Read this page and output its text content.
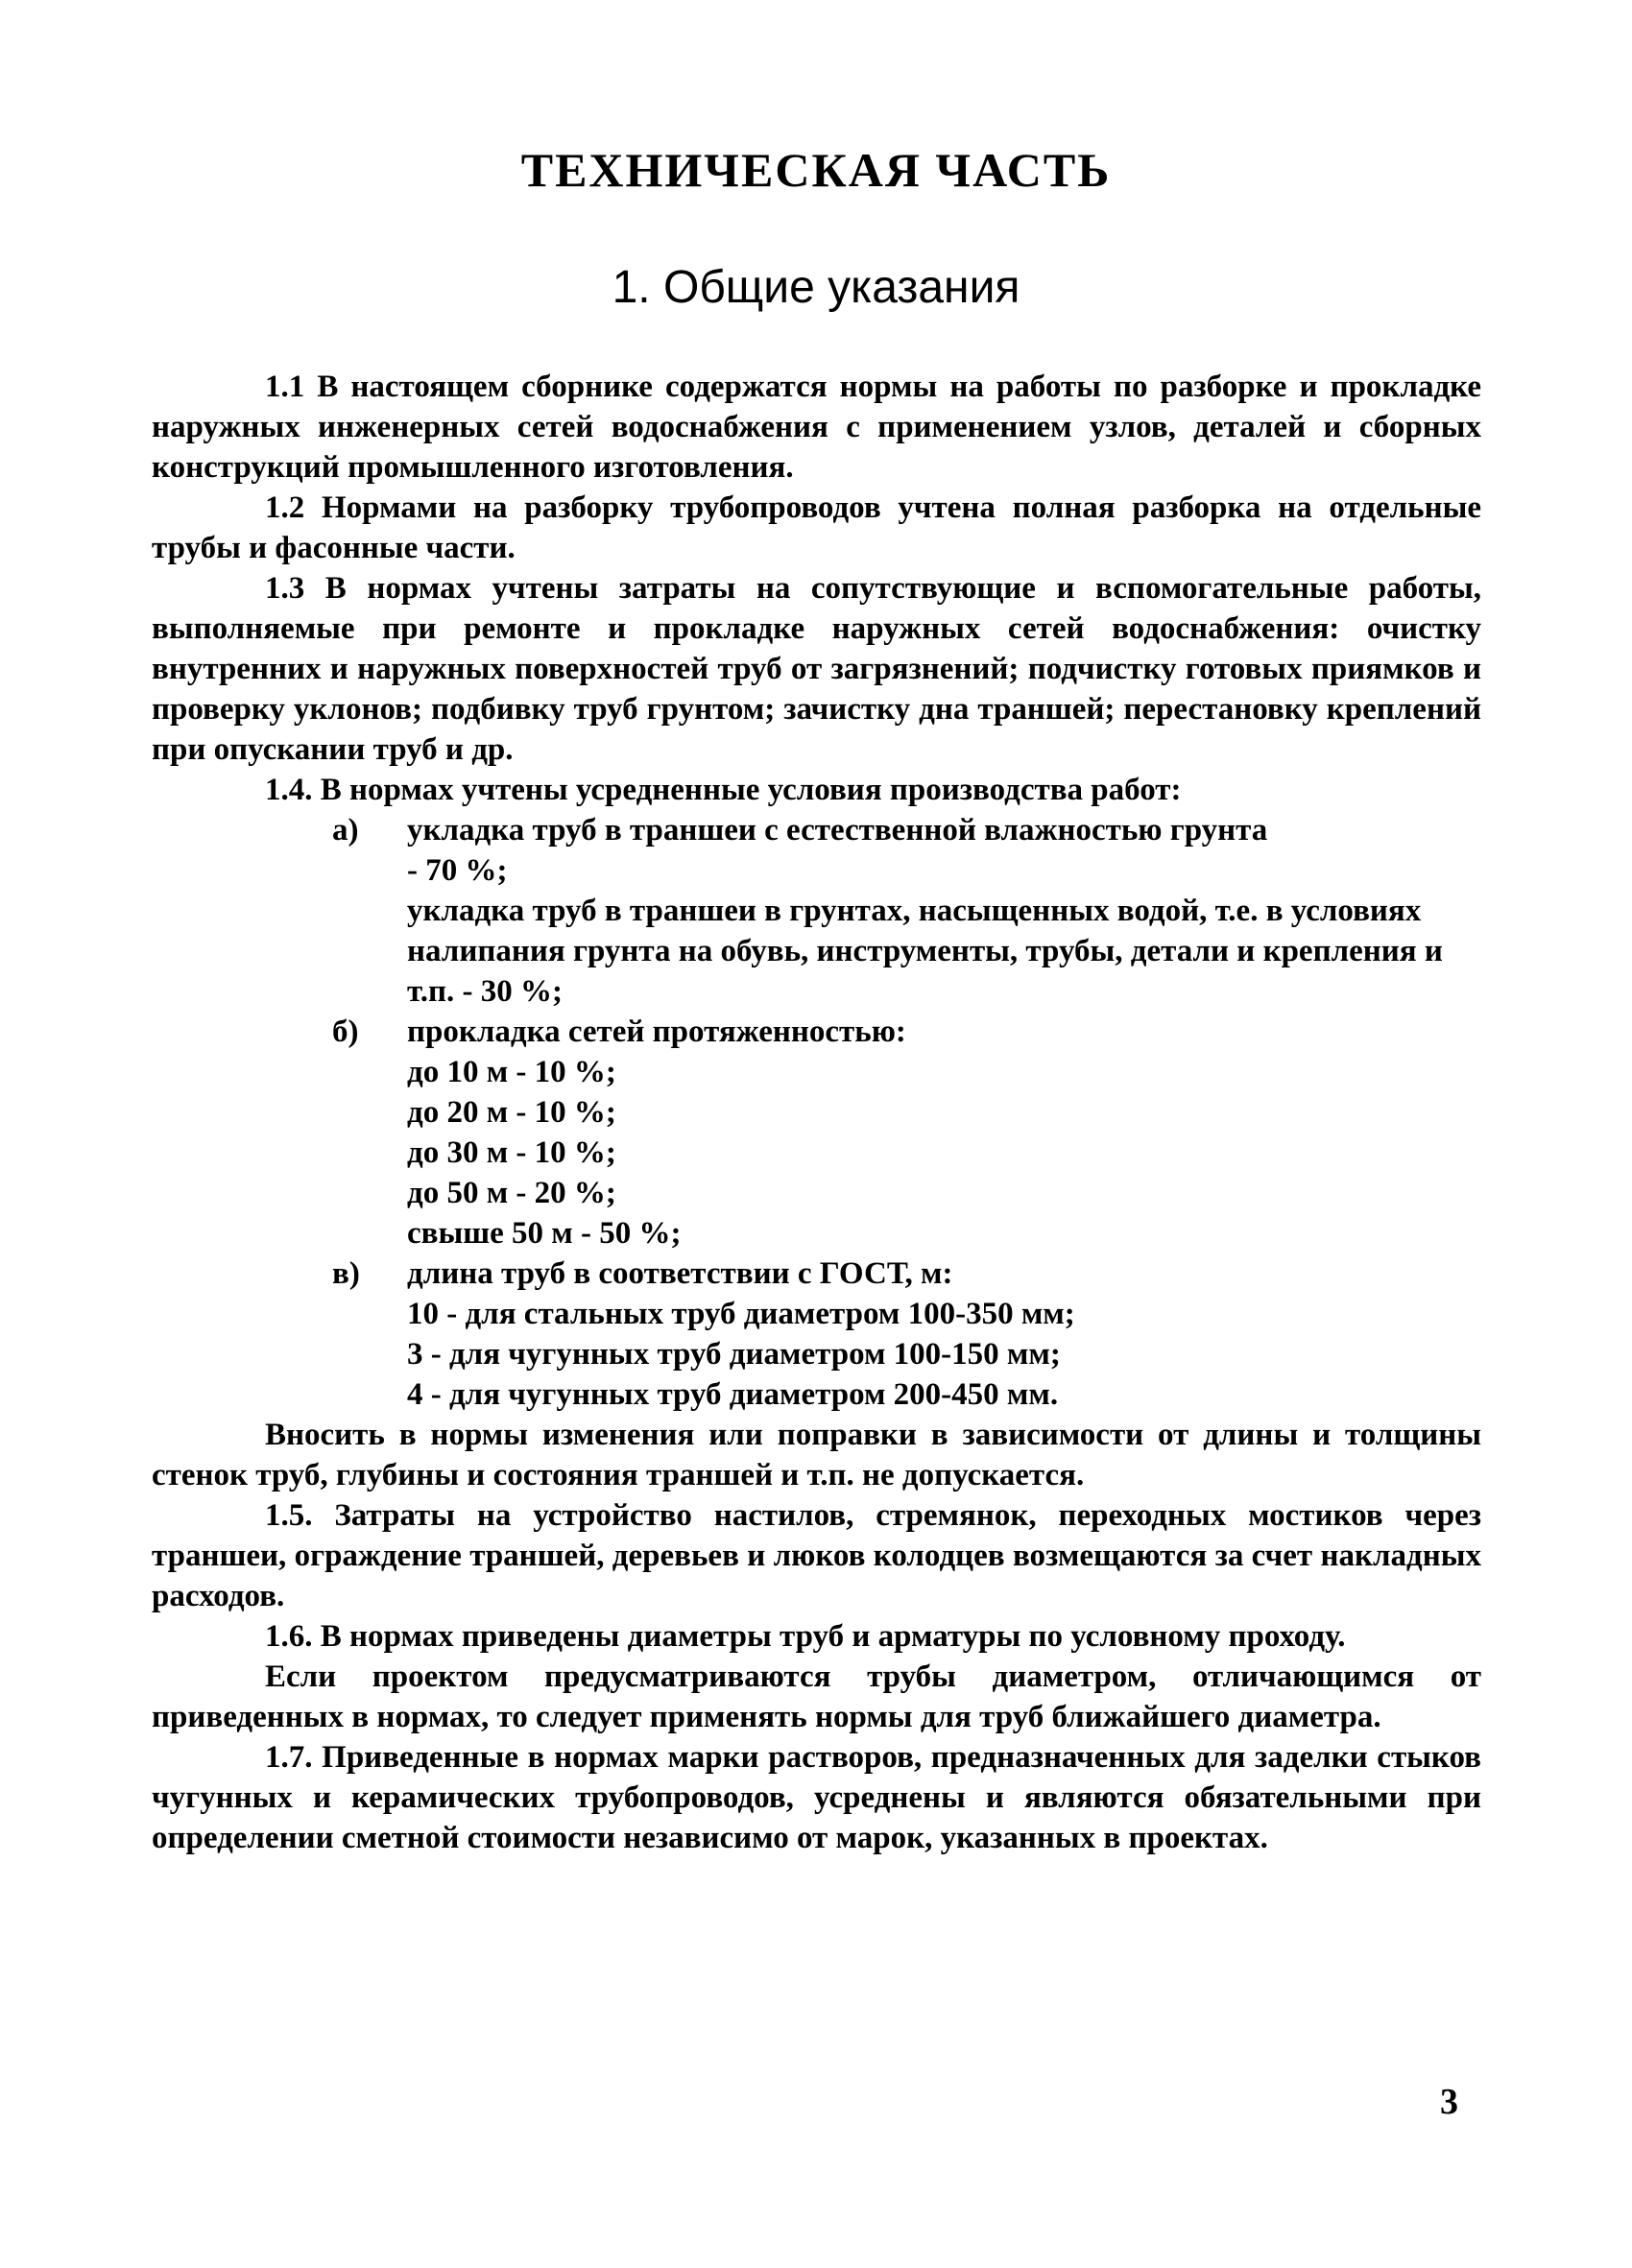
ТЕХНИЧЕСКАЯ ЧАСТЬ
1. Общие указания

1.1 В настоящем сборнике содержатся нормы на работы по разборке и прокладке наружных инженерных сетей водоснабжения с применением узлов, деталей и сборных конструкций промышленного изготовления.

1.2 Нормами на разборку трубопроводов учтена полная разборка на отдельные трубы и фасонные части.

1.3 В нормах учтены затраты на сопутствующие и вспомогательные работы, выполняемые при ремонте и прокладке наружных сетей водоснабжения: очистку внутренних и наружных поверхностей труб от загрязнений; подчистку готовых приямков и проверку уклонов; подбивку труб грунтом; зачистку дна траншей; перестановку креплений при опускании труб и др.

1.4. В нормах учтены усредненные условия производства работ:

а)	укладка труб в траншеи с естественной влажностью грунта
- 70 %;
укладка труб в траншеи в грунтах, насыщенных водой, т.е. в условиях налипания грунта на обувь, инструменты, трубы, детали и крепления и т.п. - 30 %;
б)	прокладка сетей протяженностью:
до 10 м - 10 %;
до 20 м - 10 %;
до 30 м - 10 %;
до 50 м - 20 %;
свыше 50 м - 50 %;
в)	длина труб в соответствии с ГОСТ, м:
10 - для стальных труб диаметром 100-350 мм;
3 - для чугунных труб диаметром 100-150 мм;
4 - для чугунных труб диаметром 200-450 мм.

Вносить в нормы изменения или поправки в зависимости от длины и толщины стенок труб, глубины и состояния траншей и т.п. не допускается.

1.5. Затраты на устройство настилов, стремянок, переходных мостиков через траншеи, ограждение траншей, деревьев и люков колодцев возмещаются за счет накладных расходов.

1.6. В нормах приведены диаметры труб и арматуры по условному проходу.

Если проектом предусматриваются трубы диаметром, отличающимся от приведенных в нормах, то следует применять нормы для труб ближайшего диаметра.

1.7. Приведенные в нормах марки растворов, предназначенных для заделки стыков чугунных и керамических трубопроводов, усреднены и являются обязательными при определении сметной стоимости независимо от марок, указанных в проектах.

3
